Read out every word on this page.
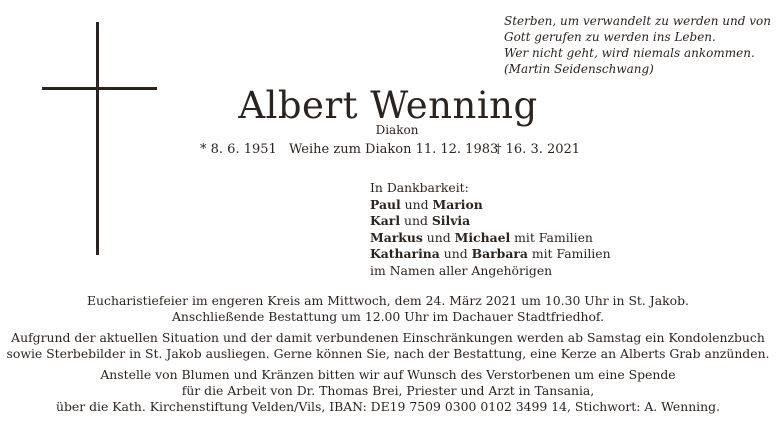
Sterben, um verwandelt zu werden und von
Gott gerufen zu werden ins Leben.
Wer nicht geht, wird niemals ankommen.
(Martin Seidenschwang)
Albert Wenning
Diakon
* 8. 6. 1951 Weihe zum Diakon 11. 12. 1983† 16. 3. 2021
In Dankbarkeit:
Paul und Marion
Karl und Silvia
Markus und Michael mit Familien
Katharina und Barbara mit Familien
im Namen aller Angehörigen
Eucharistiefeier im engeren Kreis am Mittwoch, dem 24. März 2021 um 10.30 Uhr in St. Jakob.
Anschließende Bestattung um 12.00 Uhr im Dachauer Stadtfriedhof.
Aufgrund der aktuellen Situation und der damit verbundenen Einschränkungen werden ab Samstag ein Kondolenzbuch
sowie Sterbebilder in St. Jakob ausliegen. Gerne können Sie, nach der Bestattung, eine Kerze an Alberts Grab anzünden.
Anstelle von Blumen und Kränzen bitten wir auf Wunsch des Verstorbenen um eine Spende
für die Arbeit von Dr. Thomas Brei, Priester und Arzt in Tansania,
über die Kath. Kirchenstiftung Velden/Vils, IBAN: DE19 7509 0300 0102 3499 14, Stichwort: A. Wenning.
